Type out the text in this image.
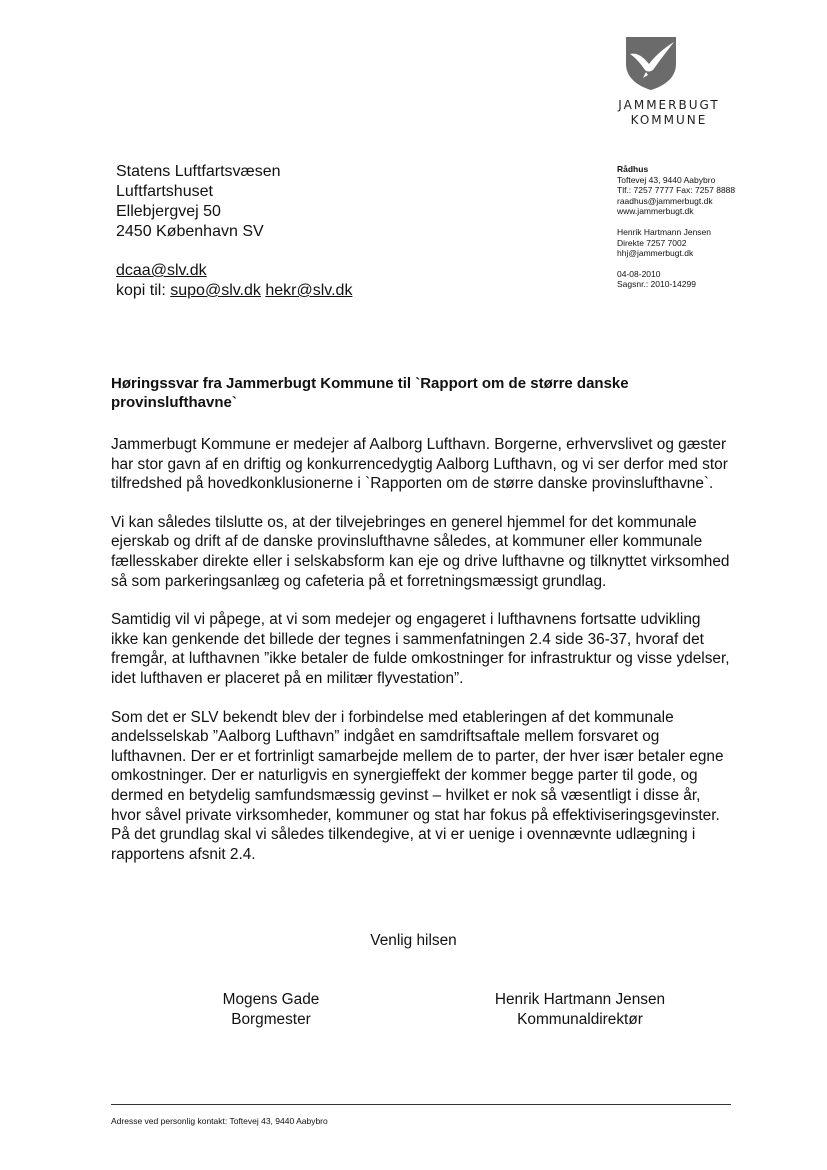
JAMMERBUGT
KOMMUNE
Statens Luftfartsvæsen
Luftfartshuset
Ellebjergvej 50
2450 København SV
dcaa@slv.dk
kopi til: supo@slv.dk hekr@slv.dk
Rådhus
Toftevej 43, 9440 Aabybro
Tlf.: 7257 7777 Fax: 7257 8888
raadhus@jammerbugt.dk
www.jammerbugt.dk
Henrik Hartmann Jensen
Direkte 7257 7002
hhj@jammerbugt.dk
04-08-2010
Sagsnr.: 2010-14299
Høringssvar fra Jammerbugt Kommune til `Rapport om de større danske provinslufthavne`

Jammerbugt Kommune er medejer af Aalborg Lufthavn. Borgerne, erhvervslivet og gæster har stor gavn af en driftig og konkurrencedygtig Aalborg Lufthavn, og vi ser derfor med stor tilfredshed på hovedkonklusionerne i `Rapporten om de større danske provinslufthavne`.

Vi kan således tilslutte os, at der tilvejebringes en generel hjemmel for det kommunale ejerskab og drift af de danske provinslufthavne således, at kommuner eller kommunale fællesskaber direkte eller i selskabsform kan eje og drive lufthavne og tilknyttet virksomhed så som parkeringsanlæg og cafeteria på et forretningsmæssigt grundlag.

Samtidig vil vi påpege, at vi som medejer og engageret i lufthavnens fortsatte udvikling ikke kan genkende det billede der tegnes i sammenfatningen 2.4 side 36-37, hvoraf det fremgår, at lufthavnen ”ikke betaler de fulde omkostninger for infrastruktur og visse ydelser, idet lufthaven er placeret på en militær flyvestation”.

Som det er SLV bekendt blev der i forbindelse med etableringen af det kommunale andelsselskab ”Aalborg Lufthavn” indgået en samdriftsaftale mellem forsvaret og lufthavnen. Der er et fortrinligt samarbejde mellem de to parter, der hver især betaler egne omkostninger. Der er naturligvis en synergieffekt der kommer begge parter til gode, og dermed en betydelig samfundsmæssig gevinst – hvilket er nok så væsentligt i disse år, hvor såvel private virksomheder, kommuner og stat har fokus på effektiviseringsgevinster. På det grundlag skal vi således tilkendegive, at vi er uenige i ovennævnte udlægning i rapportens afsnit 2.4.

Venlig hilsen
Mogens Gade
Borgmester
Henrik Hartmann Jensen
Kommunaldirektør
Adresse ved personlig kontakt: Toftevej 43, 9440 Aabybro
